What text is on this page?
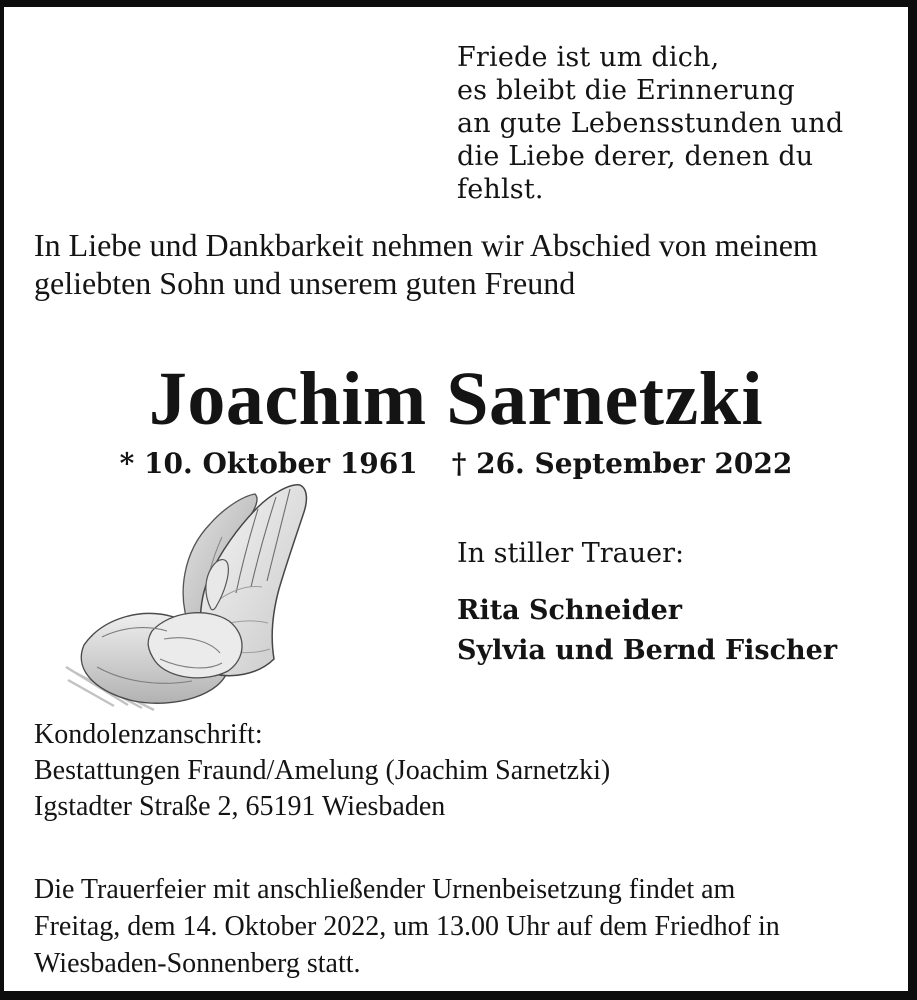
Friede ist um dich,
es bleibt die Erinnerung
an gute Lebensstunden und
die Liebe derer, denen du fehlst.
In Liebe und Dankbarkeit nehmen wir Abschied von meinem
geliebten Sohn und unserem guten Freund
Joachim Sarnetzki
* 10. Oktober 1961 † 26. September 2022
In stiller Trauer:
Rita Schneider
Sylvia und Bernd Fischer
Kondolenzanschrift:
Bestattungen Fraund/Amelung (Joachim Sarnetzki)
Igstadter Straße 2, 65191 Wiesbaden
Die Trauerfeier mit anschließender Urnenbeisetzung findet am
Freitag, dem 14. Oktober 2022, um 13.00 Uhr auf dem Friedhof in
Wiesbaden-Sonnenberg statt.
